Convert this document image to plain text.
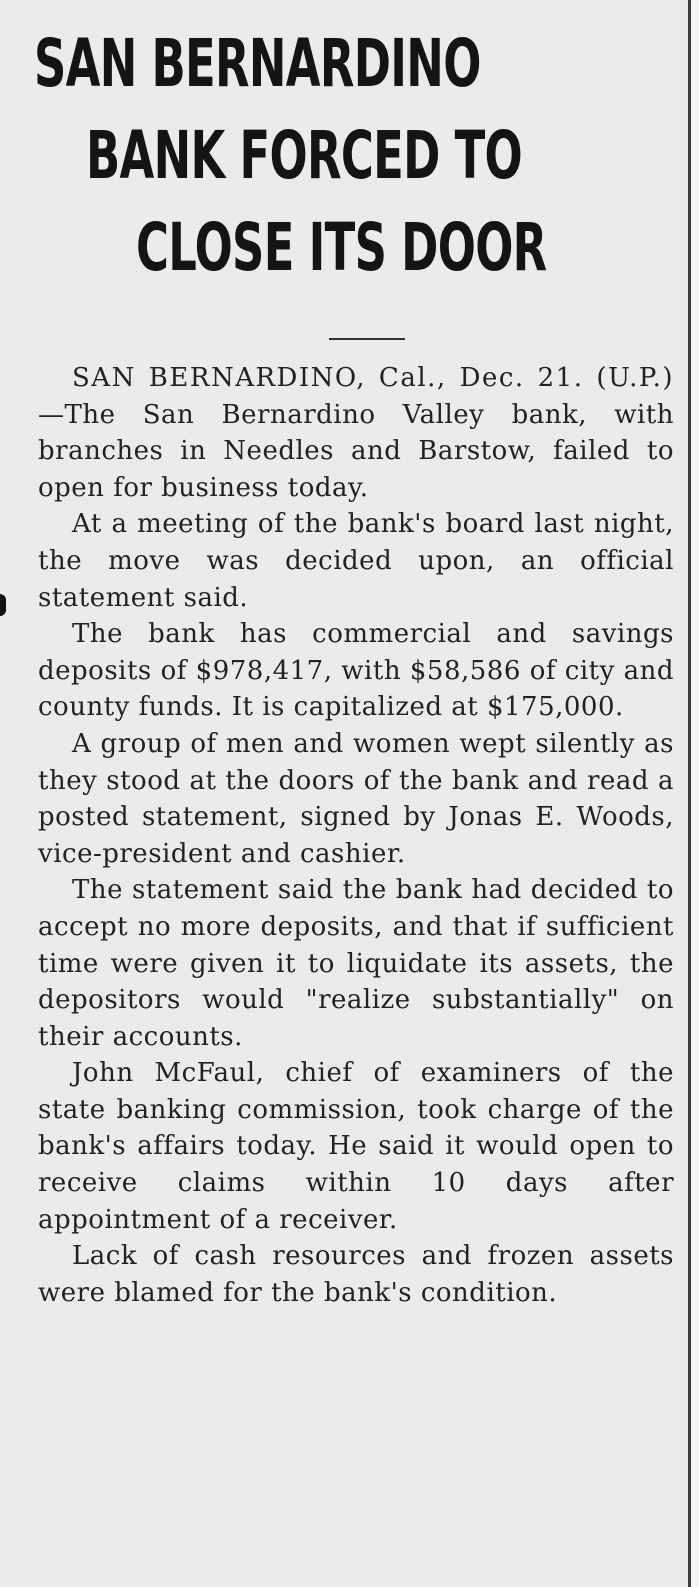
SAN BERNARDINO
BANK FORCED TO
CLOSE ITS DOOR

SAN BERNARDINO, Cal., Dec. 21. (U.P.)—The San Bernardino Valley bank, with branches in Needles and Barstow, failed to open for business today.

At a meeting of the bank's board last night, the move was decided upon, an official statement said.

The bank has commercial and savings deposits of $978,417, with $58,586 of city and county funds. It is capitalized at $175,000.

A group of men and women wept silently as they stood at the doors of the bank and read a posted statement, signed by Jonas E. Woods, vice-president and cashier.

The statement said the bank had decided to accept no more deposits, and that if sufficient time were given it to liquidate its assets, the depositors would "realize substantially" on their accounts.

John McFaul, chief of examiners of the state banking commission, took charge of the bank's affairs today. He said it would open to receive claims within 10 days after appointment of a receiver.

Lack of cash resources and frozen assets were blamed for the bank's condition.
